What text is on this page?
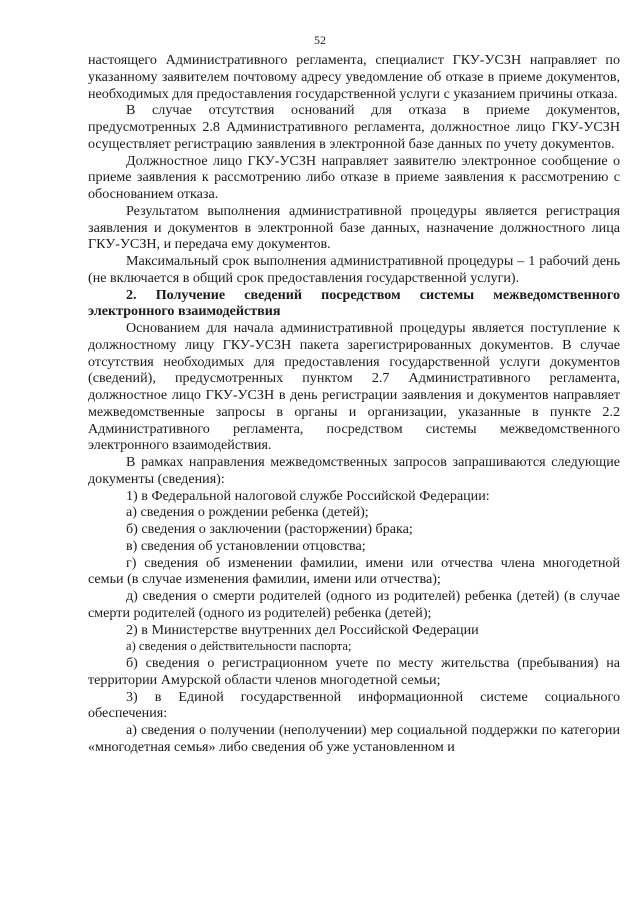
52

настоящего Административного регламента, специалист ГКУ-УСЗН направляет по указанному заявителем почтовому адресу уведомление об отказе в приеме документов, необходимых для предоставления государственной услуги с указанием причины отказа.

В случае отсутствия оснований для отказа в приеме документов, предусмотренных 2.8 Административного регламента, должностное лицо ГКУ-УСЗН осуществляет регистрацию заявления в электронной базе данных по учету документов.

Должностное лицо ГКУ-УСЗН направляет заявителю электронное сообщение о приеме заявления к рассмотрению либо отказе в приеме заявления к рассмотрению с обоснованием отказа.

Результатом выполнения административной процедуры является регистрация заявления и документов в электронной базе данных, назначение должностного лица ГКУ-УСЗН, и передача ему документов.

Максимальный срок выполнения административной процедуры – 1 рабочий день (не включается в общий срок предоставления государственной услуги).

2. Получение сведений посредством системы межведомственного электронного взаимодействия

Основанием для начала административной процедуры является поступление к должностному лицу ГКУ-УСЗН пакета зарегистрированных документов. В случае отсутствия необходимых для предоставления государственной услуги документов (сведений), предусмотренных пунктом 2.7 Административного регламента, должностное лицо ГКУ-УСЗН в день регистрации заявления и документов направляет межведомственные запросы в органы и организации, указанные в пункте 2.2 Административного регламента, посредством системы межведомственного электронного взаимодействия.

В рамках направления межведомственных запросов запрашиваются следующие документы (сведения):

1) в Федеральной налоговой службе Российской Федерации:

а) сведения о рождении ребенка (детей);

б) сведения о заключении (расторжении) брака;

в) сведения об установлении отцовства;

г) сведения об изменении фамилии, имени или отчества члена многодетной семьи (в случае изменения фамилии, имени или отчества);

д) сведения о смерти родителей (одного из родителей) ребенка (детей) (в случае смерти родителей (одного из родителей) ребенка (детей);

2) в Министерстве внутренних дел Российской Федерации

а) сведения о действительности паспорта;

б) сведения о регистрационном учете по месту жительства (пребывания) на территории Амурской области членов многодетной семьи;

3) в Единой государственной информационной системе социального обеспечения:

а) сведения о получении (неполучении) мер социальной поддержки по категории «многодетная семья» либо сведения об уже установленном и
